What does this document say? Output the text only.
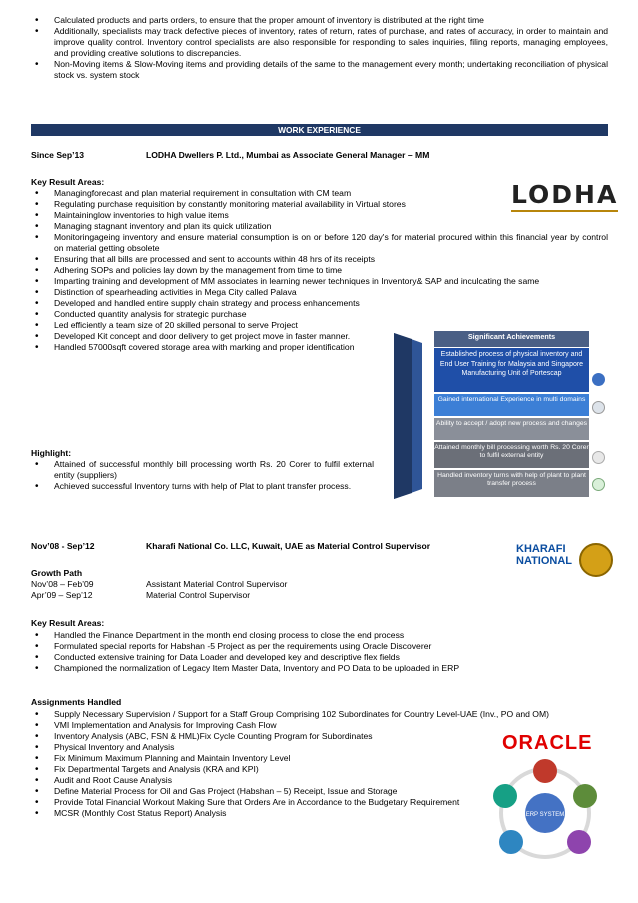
• Calculated products and parts orders, to ensure that the proper amount of inventory is distributed at the right time
• Additionally, specialists may track defective pieces of inventory, rates of return, rates of purchase, and rates of accuracy, in order to maintain and improve quality control. Inventory control specialists are also responsible for responding to sales inquiries, filing reports, managing employees, and providing creative solutions to discrepancies.
• Non-Moving items & Slow-Moving items and providing details of the same to the management every month; undertaking reconciliation of physical stock vs. system stock
WORK EXPERIENCE
Since Sep’13	LODHA Dwellers P. Ltd., Mumbai as Associate General Manager – MM
LODHA
Key Result Areas:
• Managingforecast and plan material requirement in consultation with CM team
• Regulating purchase requisition by constantly monitoring material availability in Virtual stores
• Maintaininglow inventories to high value items
• Managing stagnant inventory and plan its quick utilization
• Monitoringageing inventory and ensure material consumption is on or before 120 day's for material procured within this financial year by control on material getting obsolete
• Ensuring that all bills are processed and sent to accounts within 48 hrs of its receipts
• Adhering SOPs and policies lay down by the management from time to time
• Imparting training and development of MM associates in learning newer techniques in Inventory& SAP and inculcating the same
• Distinction of spearheading activities in Mega City called Palava
• Developed and handled entire supply chain strategy and process enhancements
• Conducted quantity analysis for strategic purchase
• Led efficiently a team size of 20 skilled personal to serve Project
• Developed Kit concept and door delivery to get project move in faster manner.
• Handled 57000sqft covered storage area with marking and proper identification
Highlight:
• Attained of successful monthly bill processing worth Rs. 20 Corer to fulfil external entity (suppliers)
• Achieved successful Inventory turns with help of Plat to plant transfer process.
Significant Achievements
Established process of physical inventory and End User Training for Malaysia and Singapore Manufacturing Unit of Portescap
Gained international Experience in multi domains
Ability to accept / adopt new process and changes
Attained monthly bill processing worth Rs. 20 Corer to fulfil external entity
Handled inventory turns with help of plant to plant transfer process
Nov’08 - Sep’12	Kharafi National Co. LLC, Kuwait, UAE as Material Control Supervisor	KHARAFI
NATIONAL
Growth Path
Nov’08 – Feb’09	Assistant Material Control Supervisor
Apr’09 – Sep’12	Material Control Supervisor
Key Result Areas:
• Handled the Finance Department in the month end closing process to close the end process
• Formulated special reports for Habshan -5 Project as per the requirements using Oracle Discoverer
• Conducted extensive training for Data Loader and developed key and descriptive flex fields
• Championed the normalization of Legacy Item Master Data, Inventory and PO Data to be uploaded in ERP
Assignments Handled
• Supply Necessary Supervision / Support for a Staff Group Comprising 102 Subordinates for Country Level-UAE (Inv., PO and OM)
• VMI Implementation and Analysis for Improving Cash Flow
• Inventory Analysis (ABC, FSN & HML)Fix Cycle Counting Program for Subordinates
• Physical Inventory and Analysis
• Fix Minimum Maximum Planning and Maintain Inventory Level
• Fix Departmental Targets and Analysis (KRA and KPI)
• Audit and Root Cause Analysis
• Define Material Process for Oil and Gas Project (Habshan – 5) Receipt, Issue and Storage
• Provide Total Financial Workout Making Sure that Orders Are in Accordance to the Budgetary Requirement
• MCSR (Monthly Cost Status Report) Analysis
ORACLE
ERP SYSTEM
